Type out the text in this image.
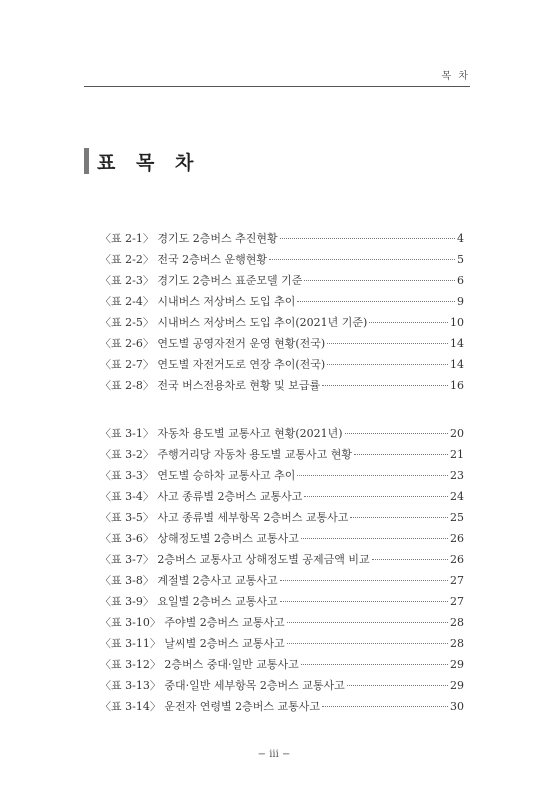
목 차
표 목 차
〈표 2-1〉 경기도 2층버스 추진현황	4
〈표 2-2〉 전국 2층버스 운행현황	5
〈표 2-3〉 경기도 2층버스 표준모델 기준	6
〈표 2-4〉 시내버스 저상버스 도입 추이	9
〈표 2-5〉 시내버스 저상버스 도입 추이(2021년 기준)	10
〈표 2-6〉 연도별 공영자전거 운영 현황(전국)	14
〈표 2-7〉 연도별 자전거도로 연장 추이(전국)	14
〈표 2-8〉 전국 버스전용차로 현황 및 보급률	16
〈표 3-1〉 자동차 용도별 교통사고 현황(2021년)	20
〈표 3-2〉 주행거리당 자동차 용도별 교통사고 현황	21
〈표 3-3〉 연도별 승하차 교통사고 추이	23
〈표 3-4〉 사고 종류별 2층버스 교통사고	24
〈표 3-5〉 사고 종류별 세부항목 2층버스 교통사고	25
〈표 3-6〉 상해정도별 2층버스 교통사고	26
〈표 3-7〉 2층버스 교통사고 상해정도별 공제금액 비교	26
〈표 3-8〉 계절별 2층사고 교통사고	27
〈표 3-9〉 요일별 2층버스 교통사고	27
〈표 3-10〉 주야별 2층버스 교통사고	28
〈표 3-11〉 날씨별 2층버스 교통사고	28
〈표 3-12〉 2층버스 중대·일반 교통사고	29
〈표 3-13〉 중대·일반 세부항목 2층버스 교통사고	29
〈표 3-14〉 운전자 연령별 2층버스 교통사고	30
− iii −
